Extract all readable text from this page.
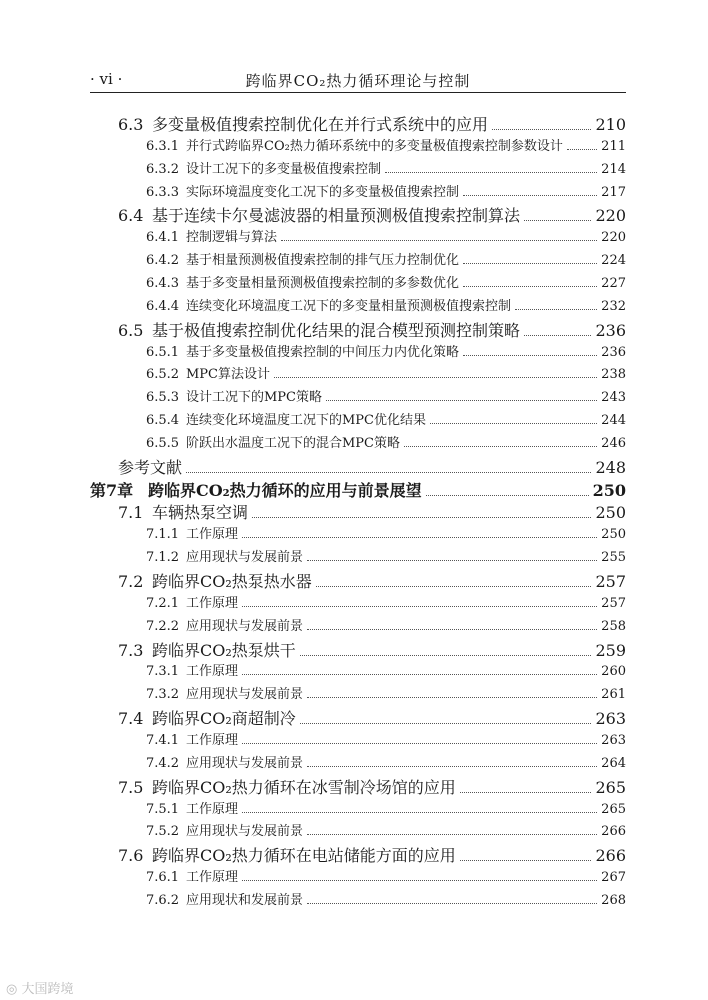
· vi ·	跨临界CO₂热力循环理论与控制
6.3 多变量极值搜索控制优化在并行式系统中的应用	210
6.3.1 并行式跨临界CO₂热力循环系统中的多变量极值搜索控制参数设计	211
6.3.2 设计工况下的多变量极值搜索控制	214
6.3.3 实际环境温度变化工况下的多变量极值搜索控制	217
6.4 基于连续卡尔曼滤波器的相量预测极值搜索控制算法	220
6.4.1 控制逻辑与算法	220
6.4.2 基于相量预测极值搜索控制的排气压力控制优化	224
6.4.3 基于多变量相量预测极值搜索控制的多参数优化	227
6.4.4 连续变化环境温度工况下的多变量相量预测极值搜索控制	232
6.5 基于极值搜索控制优化结果的混合模型预测控制策略	236
6.5.1 基于多变量极值搜索控制的中间压力内优化策略	236
6.5.2 MPC算法设计	238
6.5.3 设计工况下的MPC策略	243
6.5.4 连续变化环境温度工况下的MPC优化结果	244
6.5.5 阶跃出水温度工况下的混合MPC策略	246
参考文献	248
第7章 跨临界CO₂热力循环的应用与前景展望	250
7.1 车辆热泵空调	250
7.1.1 工作原理	250
7.1.2 应用现状与发展前景	255
7.2 跨临界CO₂热泵热水器	257
7.2.1 工作原理	257
7.2.2 应用现状与发展前景	258
7.3 跨临界CO₂热泵烘干	259
7.3.1 工作原理	260
7.3.2 应用现状与发展前景	261
7.4 跨临界CO₂商超制冷	263
7.4.1 工作原理	263
7.4.2 应用现状与发展前景	264
7.5 跨临界CO₂热力循环在冰雪制冷场馆的应用	265
7.5.1 工作原理	265
7.5.2 应用现状与发展前景	266
7.6 跨临界CO₂热力循环在电站储能方面的应用	266
7.6.1 工作原理	267
7.6.2 应用现状和发展前景	268
◎ 大国跨境
